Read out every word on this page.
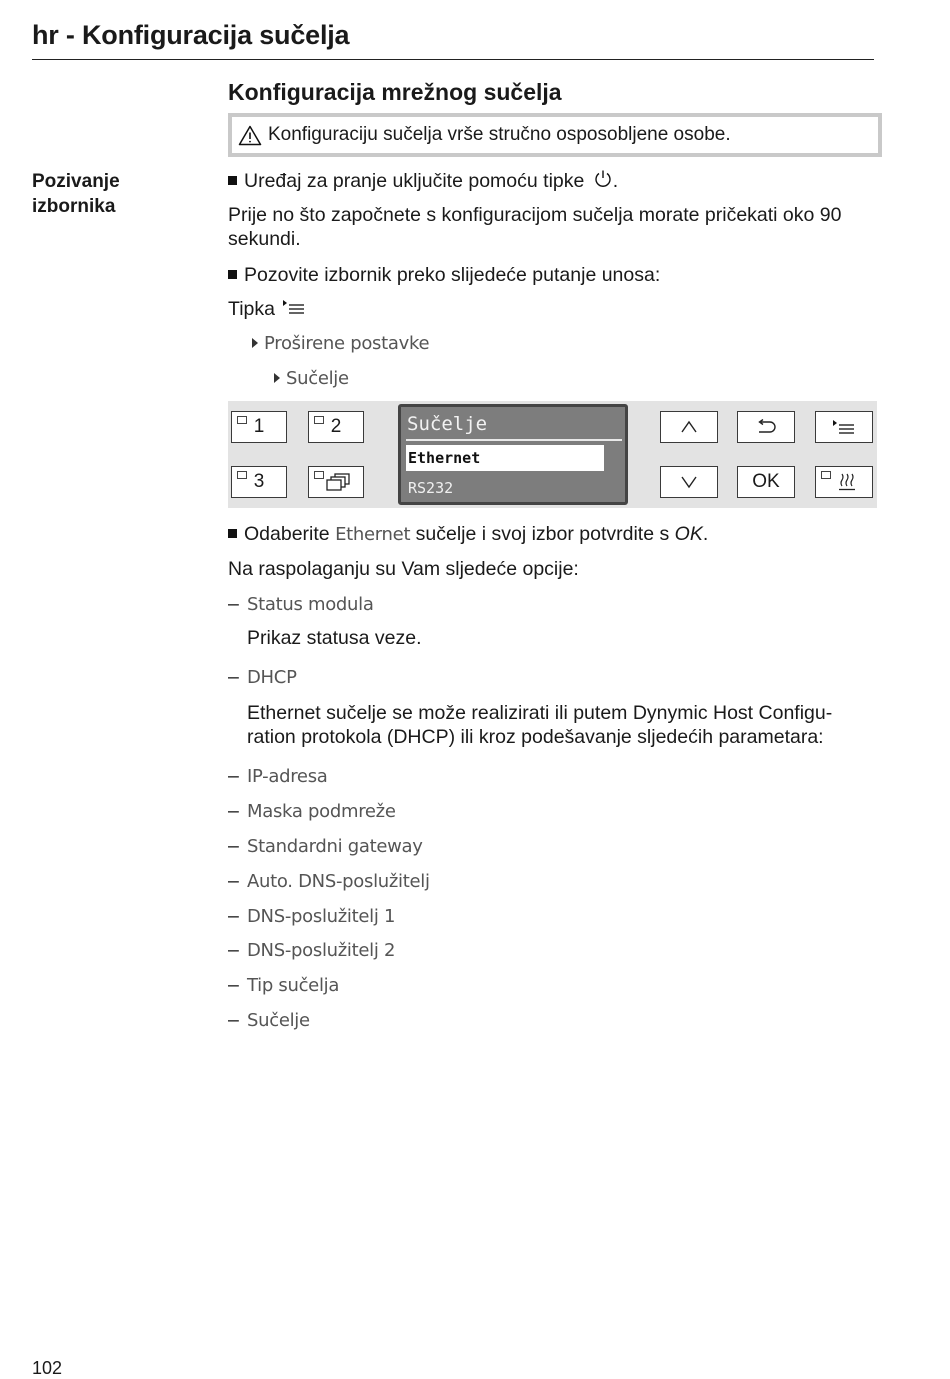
hr - Konfiguracija sučelja
Konfiguracija mrežnog sučelja
Konfiguraciju sučelja vrše stručno osposobljene osobe.
Pozivanje
izbornika
Uređaj za pranje uključite pomoću tipke .
Prije no što započnete s konfiguracijom sučelja morate pričekati oko 90 sekundi.
Pozovite izbornik preko slijedeće putanje unosa:
Tipka
Proširene postavke
Sučelje
1	2
3
Sučelje
Ethernet
RS232	OK
Odaberite Ethernet sučelje i svoj izbor potvrdite s OK.
Na raspolaganju su Vam sljedeće opcije:
– Status modula
Prikaz statusa veze.
– DHCP
Ethernet sučelje se može realizirati ili putem Dynymic Host Configu-
ration protokola (DHCP) ili kroz podešavanje sljedećih parametara:
– IP-adresa
– Maska podmreže
– Standardni gateway
– Auto. DNS-poslužitelj
– DNS-poslužitelj 1
– DNS-poslužitelj 2
– Tip sučelja
– Sučelje
102
